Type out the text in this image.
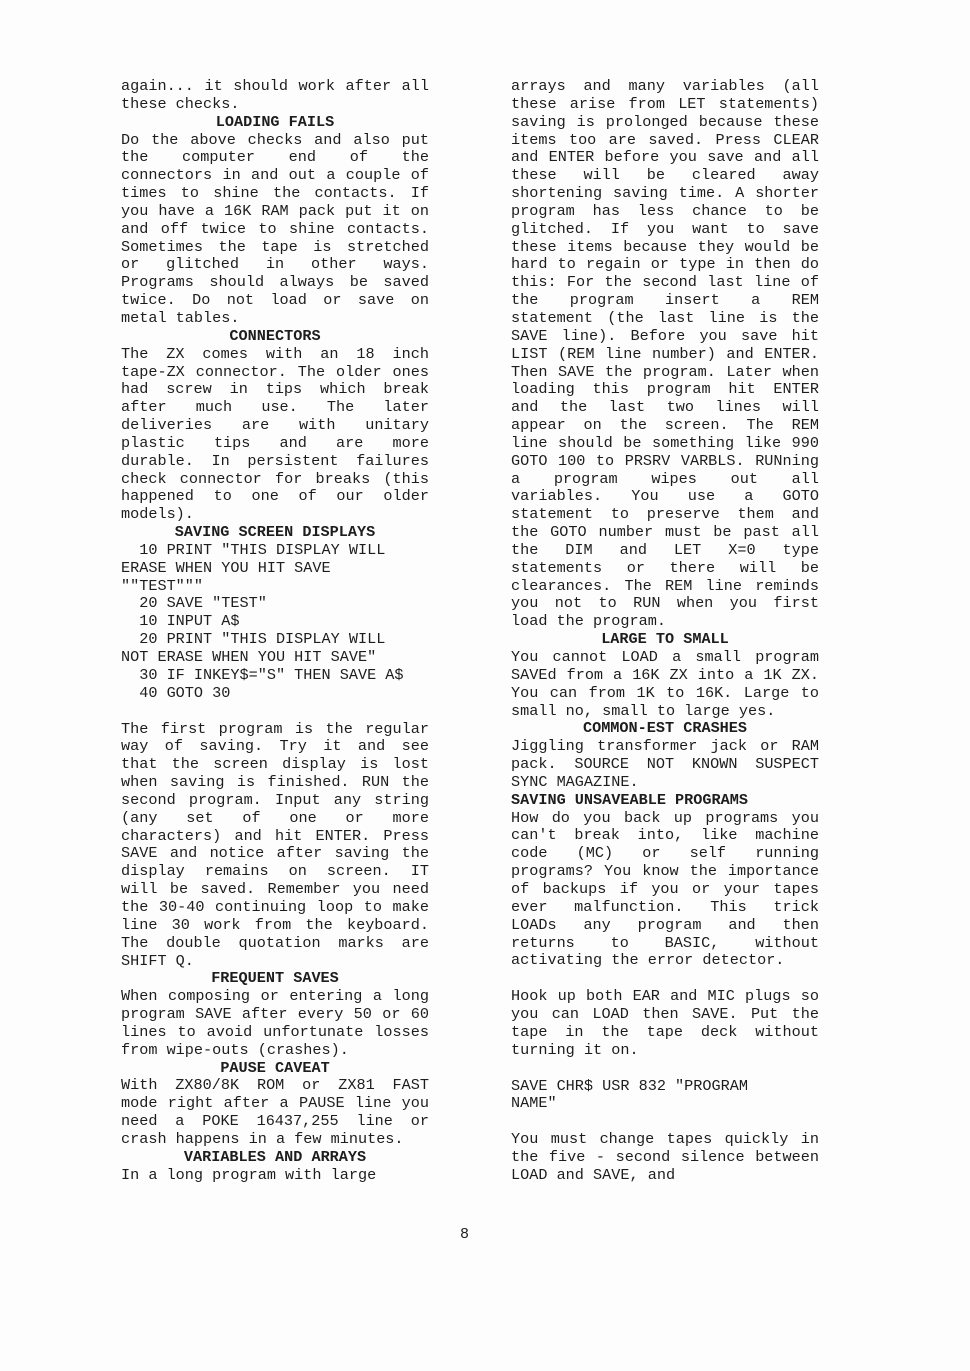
again... it should work after all these checks.

LOADING FAILS

Do the above checks and also put the computer end of the connectors in and out a couple of times to shine the contacts. If you have a 16K RAM pack put it on and off twice to shine contacts. Sometimes the tape is stretched or glitched in other ways. Programs should always be saved twice. Do not load or save on metal tables.

CONNECTORS

The ZX comes with an 18 inch tape-ZX connector. The older ones had screw in tips which break after much use. The later deliveries are with unitary plastic tips and are more durable. In persistent failures check connector for breaks (this happened to one of our older models).

SAVING SCREEN DISPLAYS

10 PRINT "THIS DISPLAY WILL

ERASE WHEN YOU HIT SAVE

""TEST"""

20 SAVE "TEST"

10 INPUT A$

20 PRINT "THIS DISPLAY WILL

NOT ERASE WHEN YOU HIT SAVE"

30 IF INKEY$="S" THEN SAVE A$

40 GOTO 30

The first program is the regular way of saving. Try it and see that the screen display is lost when saving is finished. RUN the second program. Input any string (any set of one or more characters) and hit ENTER. Press SAVE and notice after saving the display remains on screen. IT will be saved. Remember you need the 30-40 continuing loop to make line 30 work from the keyboard. The double quotation marks are SHIFT Q.

FREQUENT SAVES

When composing or entering a long program SAVE after every 50 or 60 lines to avoid unfortunate losses from wipe-outs (crashes).

PAUSE CAVEAT

With ZX80/8K ROM or ZX81 FAST mode right after a PAUSE line you need a POKE 16437,255 line or crash happens in a few minutes.

VARIABLES AND ARRAYS

In a long program with large

arrays and many variables (all these arise from LET statements) saving is prolonged because these items too are saved. Press CLEAR and ENTER before you save and all these will be cleared away shortening saving time. A shorter program has less chance to be glitched. If you want to save these items because they would be hard to regain or type in then do this: For the second last line of the program insert a REM statement (the last line is the SAVE line). Before you save hit LIST (REM line number) and ENTER. Then SAVE the program. Later when loading this program hit ENTER and the last two lines will appear on the screen. The REM line should be something like 990 GOTO 100 to PRSRV VARBLS. RUNning a program wipes out all variables. You use a GOTO statement to preserve them and the GOTO number must be past all the DIM and LET X=0 type statements or there will be clearances. The REM line reminds you not to RUN when you first load the program.

LARGE TO SMALL

You cannot LOAD a small program SAVEd from a 16K ZX into a 1K ZX. You can from 1K to 16K. Large to small no, small to large yes.

COMMON-EST CRASHES

Jiggling transformer jack or RAM pack. SOURCE NOT KNOWN SUSPECT SYNC MAGAZINE.

SAVING UNSAVEABLE PROGRAMS

How do you back up programs you can't break into, like machine code (MC) or self running programs? You know the importance of backups if you or your tapes ever malfunction. This trick LOADs any program and then returns to BASIC, without activating the error detector.

Hook up both EAR and MIC plugs so you can LOAD then SAVE. Put the tape in the tape deck without turning it on.

SAVE CHR$ USR 832 "PROGRAM

NAME"

You must change tapes quickly in the five - second silence between LOAD and SAVE, and

8
